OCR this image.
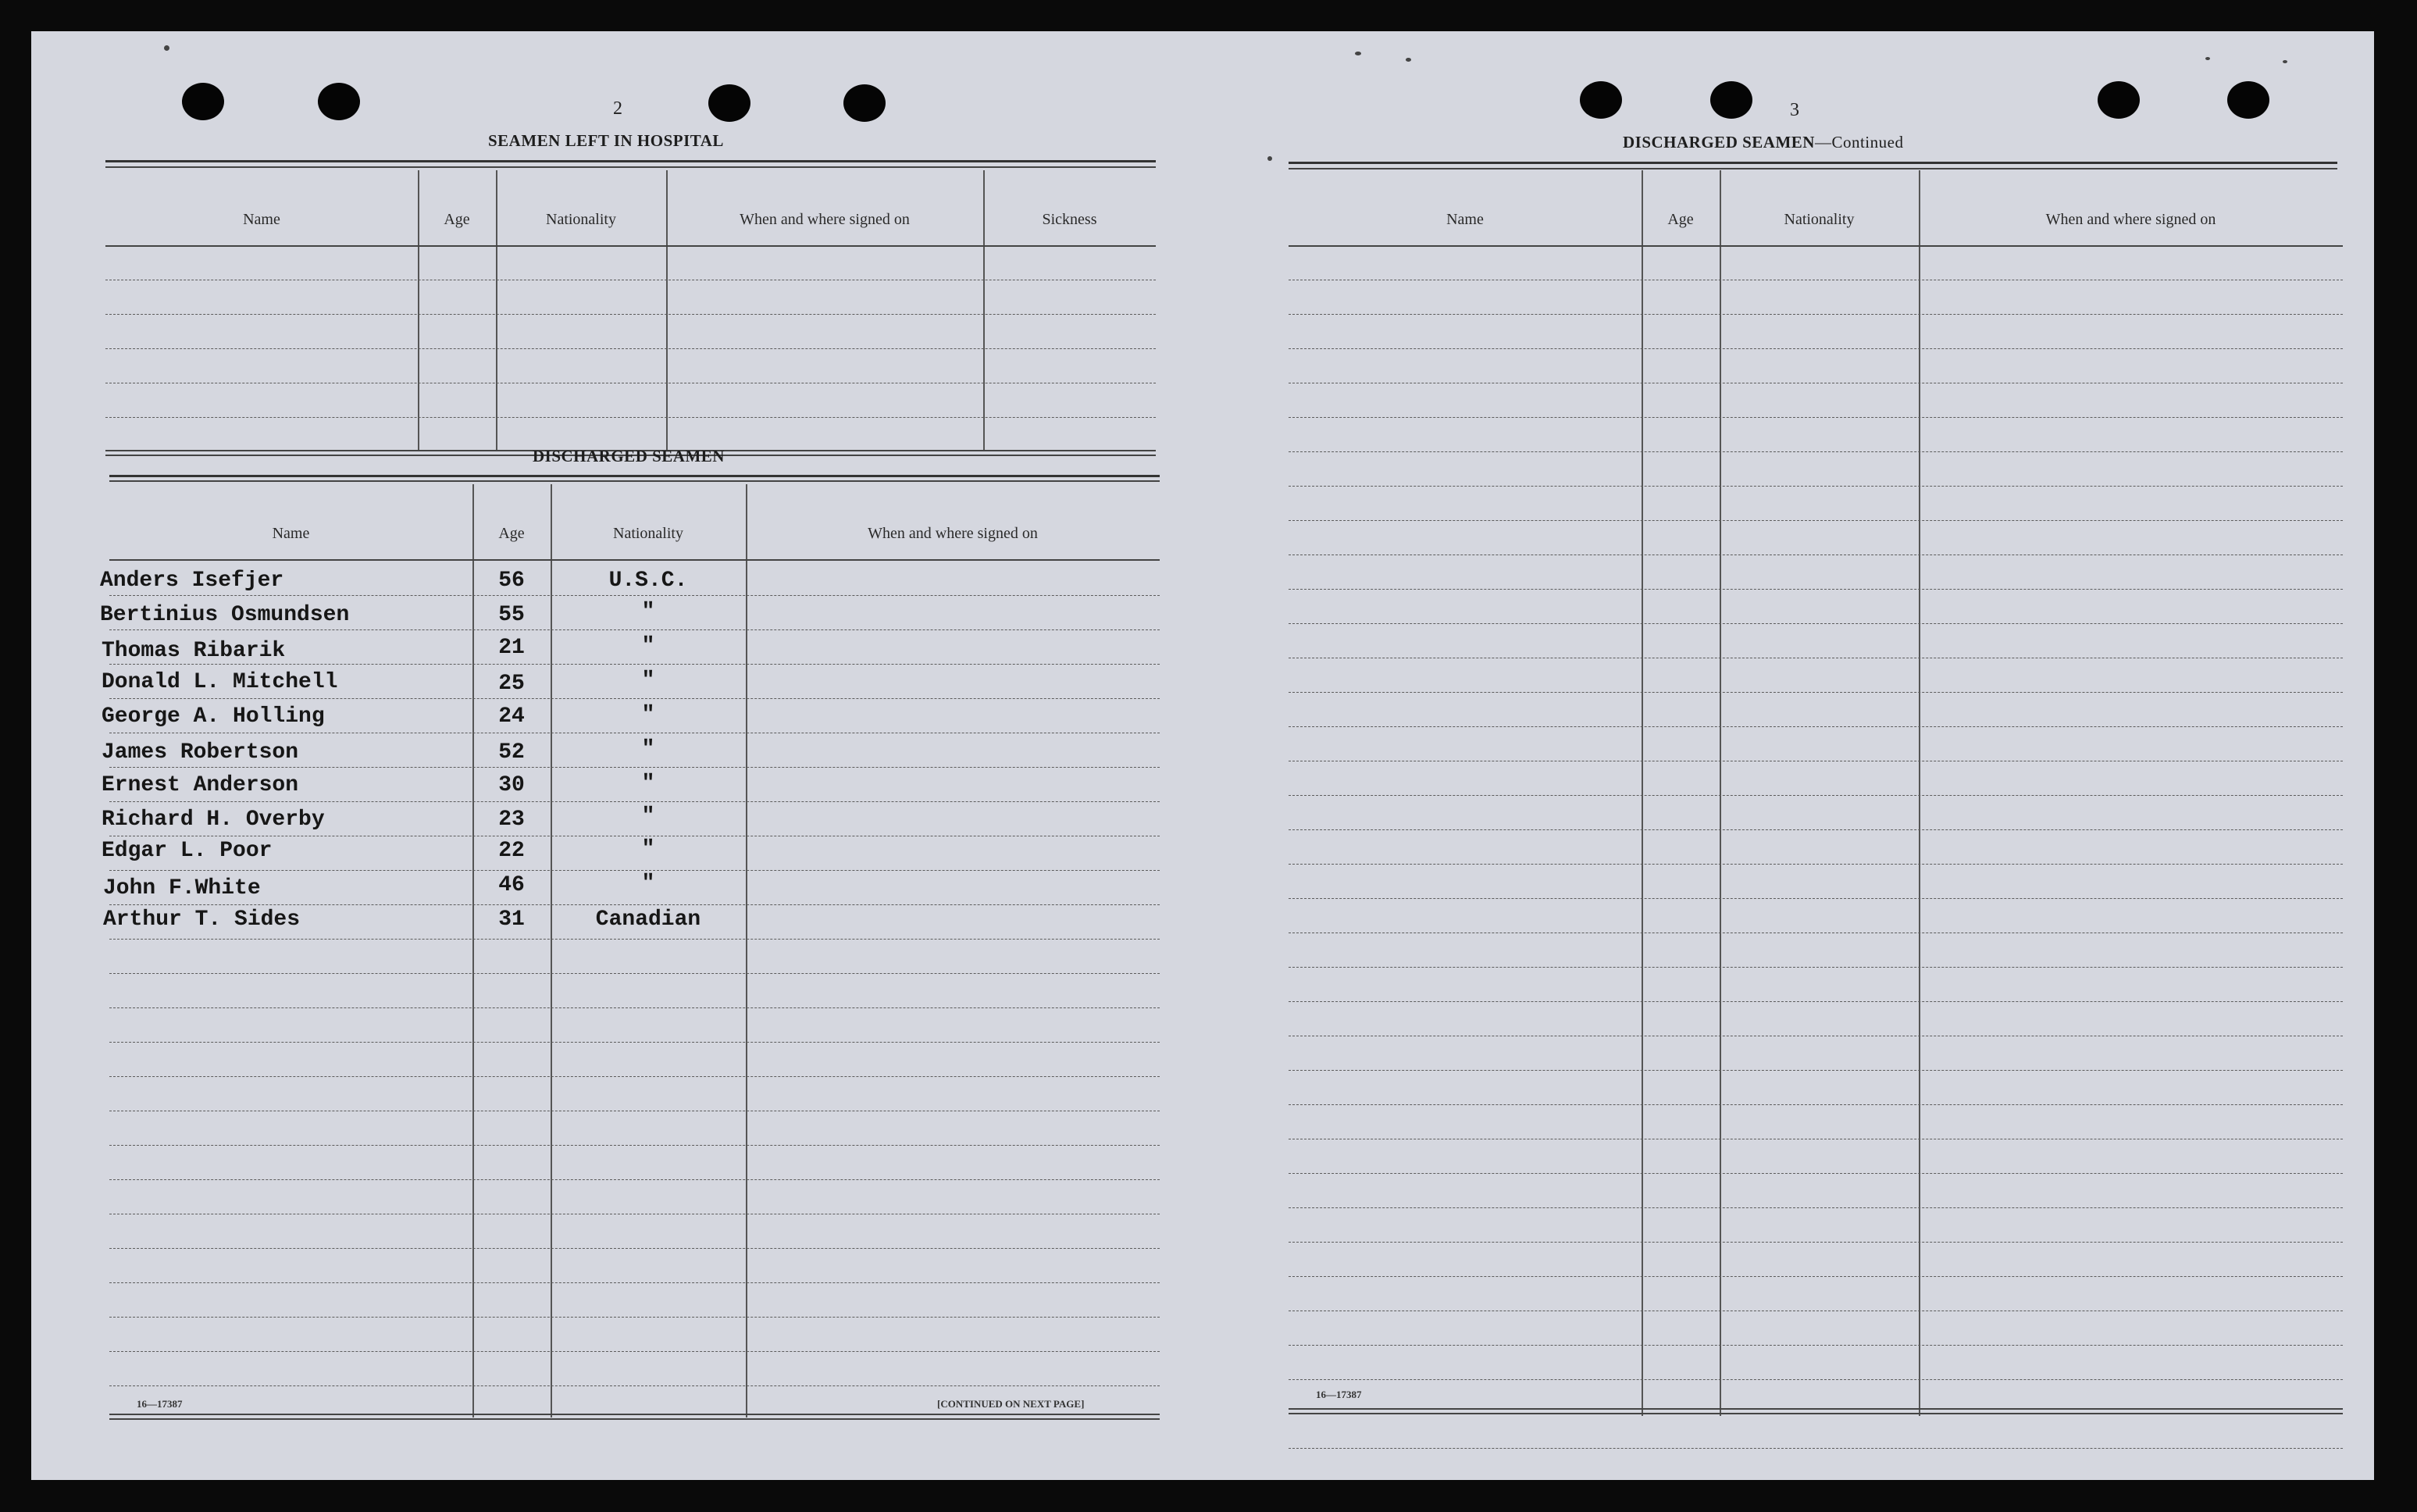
2
SEAMEN LEFT IN HOSPITAL
Name	Age	Nationality	When and where signed on	Sickness
DISCHARGED SEAMEN
Name	Age	Nationality	When and where signed on
Anders Isefjer	56	U.S.C.
Bertinius Osmundsen	55	"
Thomas Ribarik	21	"
Donald L. Mitchell	25	"
George A. Holling	24	"
James Robertson	52	"
Ernest Anderson	30	"
Richard H. Overby	23	"
Edgar L. Poor	22	"
John F.White	46	"
Arthur T. Sides	31	Canadian
16—17387	[CONTINUED ON NEXT PAGE]
3
DISCHARGED SEAMEN—Continued
Name	Age	Nationality	When and where signed on
16—17387
